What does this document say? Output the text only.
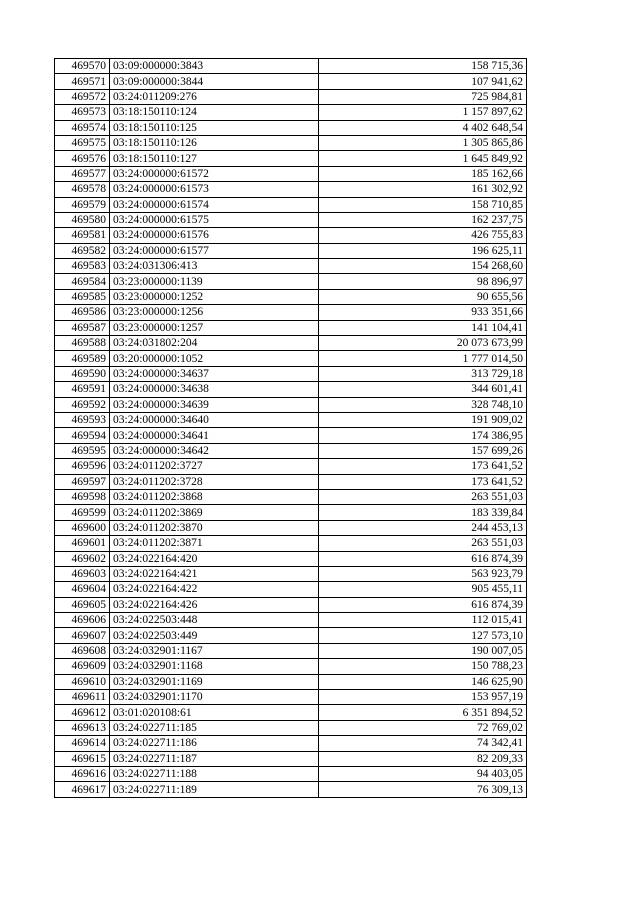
469570	03:09:000000:3843	158 715,36
469571	03:09:000000:3844	107 941,62
469572	03:24:011209:276	725 984,81
469573	03:18:150110:124	1 157 897,62
469574	03:18:150110:125	4 402 648,54
469575	03:18:150110:126	1 305 865,86
469576	03:18:150110:127	1 645 849,92
469577	03:24:000000:61572	185 162,66
469578	03:24:000000:61573	161 302,92
469579	03:24:000000:61574	158 710,85
469580	03:24:000000:61575	162 237,75
469581	03:24:000000:61576	426 755,83
469582	03:24:000000:61577	196 625,11
469583	03:24:031306:413	154 268,60
469584	03:23:000000:1139	98 896,97
469585	03:23:000000:1252	90 655,56
469586	03:23:000000:1256	933 351,66
469587	03:23:000000:1257	141 104,41
469588	03:24:031802:204	20 073 673,99
469589	03:20:000000:1052	1 777 014,50
469590	03:24:000000:34637	313 729,18
469591	03:24:000000:34638	344 601,41
469592	03:24:000000:34639	328 748,10
469593	03:24:000000:34640	191 909,02
469594	03:24:000000:34641	174 386,95
469595	03:24:000000:34642	157 699,26
469596	03:24:011202:3727	173 641,52
469597	03:24:011202:3728	173 641,52
469598	03:24:011202:3868	263 551,03
469599	03:24:011202:3869	183 339,84
469600	03:24:011202:3870	244 453,13
469601	03:24:011202:3871	263 551,03
469602	03:24:022164:420	616 874,39
469603	03:24:022164:421	563 923,79
469604	03:24:022164:422	905 455,11
469605	03:24:022164:426	616 874,39
469606	03:24:022503:448	112 015,41
469607	03:24:022503:449	127 573,10
469608	03:24:032901:1167	190 007,05
469609	03:24:032901:1168	150 788,23
469610	03:24:032901:1169	146 625,90
469611	03:24:032901:1170	153 957,19
469612	03:01:020108:61	6 351 894,52
469613	03:24:022711:185	72 769,02
469614	03:24:022711:186	74 342,41
469615	03:24:022711:187	82 209,33
469616	03:24:022711:188	94 403,05
469617	03:24:022711:189	76 309,13
